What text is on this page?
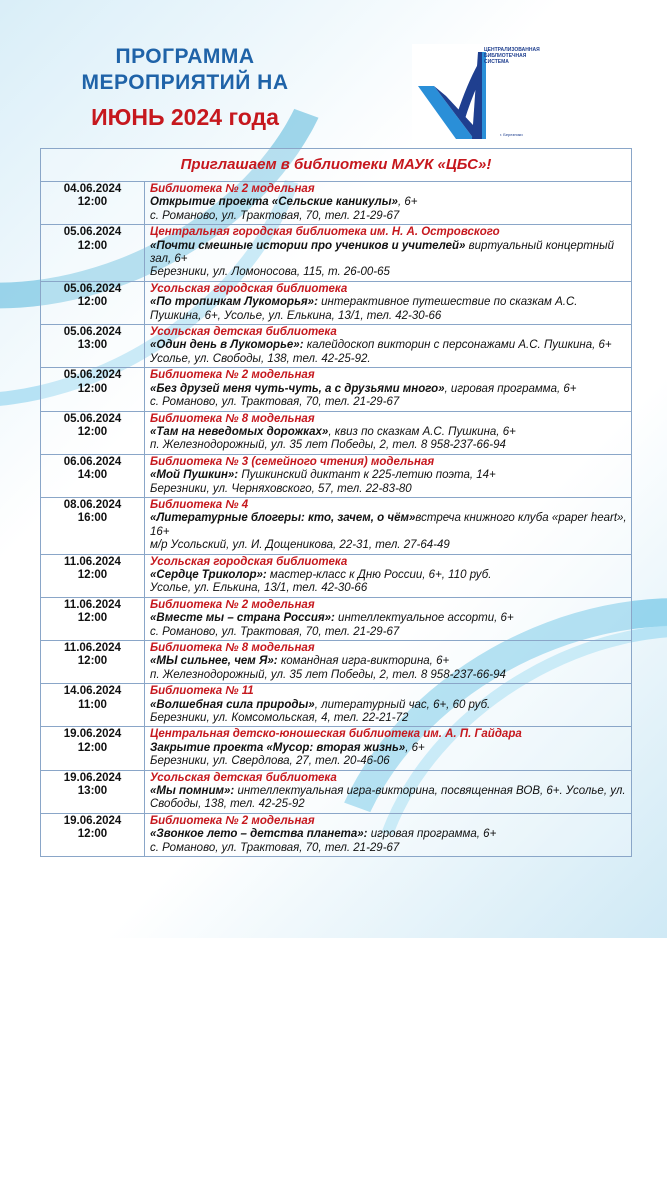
ПРОГРАММА
МЕРОПРИЯТИЙ НА
ИЮНЬ 2024 года
ЦЕНТРАЛИЗОВАННАЯ БИБЛИОТЕЧНАЯ СИСТЕМА
г. Березники
Приглашаем в библиотеки МАУК «ЦБС»!
04.06.2024
12:00
Библиотека № 2 модельная
Открытие проекта «Сельские каникулы», 6+
с. Романово, ул. Трактовая, 70, тел. 21-29-67
05.06.2024
12:00
Центральная городская библиотека им. Н. А. Островского
«Почти смешные истории про учеников и учителей» виртуальный концертный зал, 6+
Березники, ул. Ломоносова, 115, т. 26-00-65
05.06.2024
12:00
Усольская городская библиотека
«По тропинкам Лукоморья»: интерактивное путешествие по сказкам А.С. Пушкина, 6+, Усолье, ул. Елькина, 13/1, тел. 42-30-66
05.06.2024
13:00
Усольская детская библиотека
«Один день в Лукоморье»: калейдоскоп викторин с персонажами А.С. Пушкина, 6+
Усолье, ул. Свободы, 138, тел. 42-25-92.
05.06.2024
12:00
Библиотека № 2 модельная
«Без друзей меня чуть-чуть, а с друзьями много», игровая программа, 6+
с. Романово, ул. Трактовая, 70, тел. 21-29-67
05.06.2024
12:00
Библиотека № 8 модельная
«Там на неведомых дорожках», квиз по сказкам А.С. Пушкина, 6+
п. Железнодорожный, ул. 35 лет Победы, 2, тел. 8 958-237-66-94
06.06.2024
14:00
Библиотека № 3 (семейного чтения) модельная
«Мой Пушкин»: Пушкинский диктант к 225-летию поэта, 14+
Березники, ул. Черняховского, 57, тел. 22-83-80
08.06.2024
16:00
Библиотека № 4
«Литературные блогеры: кто, зачем, о чём»встреча книжного клуба «paper heart», 16+
м/р Усольский, ул. И. Дощеникова, 22-31, тел. 27-64-49
11.06.2024
12:00
Усольская городская библиотека
«Сердце Триколор»: мастер-класс к Дню России, 6+, 110 руб.
Усолье, ул. Елькина, 13/1, тел. 42-30-66
11.06.2024
12:00
Библиотека № 2 модельная
«Вместе мы – страна Россия»: интеллектуальное ассорти, 6+
с. Романово, ул. Трактовая, 70, тел. 21-29-67
11.06.2024
12:00
Библиотека № 8 модельная
«МЫ сильнее, чем Я»: командная игра-викторина, 6+
п. Железнодорожный, ул. 35 лет Победы, 2, тел. 8 958-237-66-94
14.06.2024
11:00
Библиотека № 11
«Волшебная сила природы», литературный час, 6+, 60 руб.
Березники, ул. Комсомольская, 4, тел. 22-21-72
19.06.2024
12:00
Центральная детско-юношеская библиотека им. А. П. Гайдара
Закрытие проекта «Мусор: вторая жизнь», 6+
Березники, ул. Свердлова, 27, тел. 20-46-06
19.06.2024
13:00
Усольская детская библиотека
«Мы помним»: интеллектуальная игра-викторина, посвященная ВОВ, 6+. Усолье, ул. Свободы, 138, тел. 42-25-92
19.06.2024
12:00
Библиотека № 2 модельная
«Звонкое лето – детства планета»: игровая программа, 6+
с. Романово, ул. Трактовая, 70, тел. 21-29-67
